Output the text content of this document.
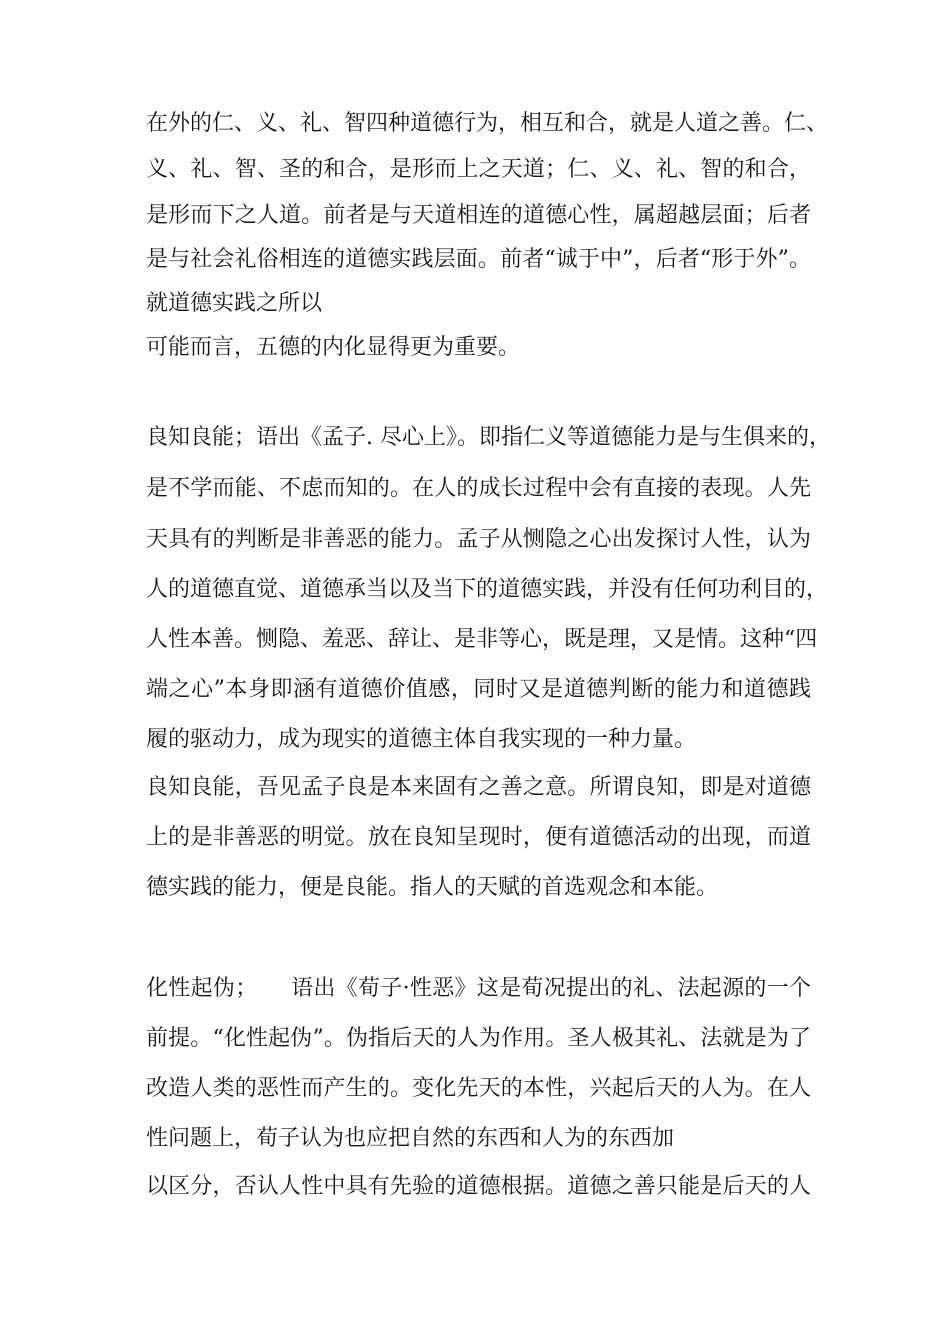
在外的仁、义、礼、智四种道德行为，相互和合，就是人道之善。仁、
义、礼、智、圣的和合，是形而上之天道；仁、义、礼、智的和合，
是形而下之人道。前者是与天道相连的道德心性，属超越层面；后者
是与社会礼俗相连的道德实践层面。前者“诚于中”，后者“形于外”。
就道德实践之所以
可能而言，五德的内化显得更为重要。
良知良能；语出《孟子. 尽心上》。即指仁义等道德能力是与生俱来的，
是不学而能、不虑而知的。在人的成长过程中会有直接的表现。人先
天具有的判断是非善恶的能力。孟子从恻隐之心出发探讨人性，认为
人的道德直觉、道德承当以及当下的道德实践，并没有任何功利目的，
人性本善。恻隐、羞恶、辞让、是非等心，既是理，又是情。这种“四
端之心”本身即涵有道德价值感，同时又是道德判断的能力和道德践
履的驱动力，成为现实的道德主体自我实现的一种力量。
良知良能，吾见孟子良是本来固有之善之意。所谓良知，即是对道德
上的是非善恶的明觉。放在良知呈现时，便有道德活动的出现，而道
德实践的能力，便是良能。指人的天赋的首选观念和本能。
化性起伪；　　语出《荀子·性恶》这是荀况提出的礼、法起源的一个
前提。“化性起伪”。伪指后天的人为作用。圣人极其礼、法就是为了
改造人类的恶性而产生的。变化先天的本性，兴起后天的人为。在人
性问题上，荀子认为也应把自然的东西和人为的东西加
以区分，否认人性中具有先验的道德根据。道德之善只能是后天的人
